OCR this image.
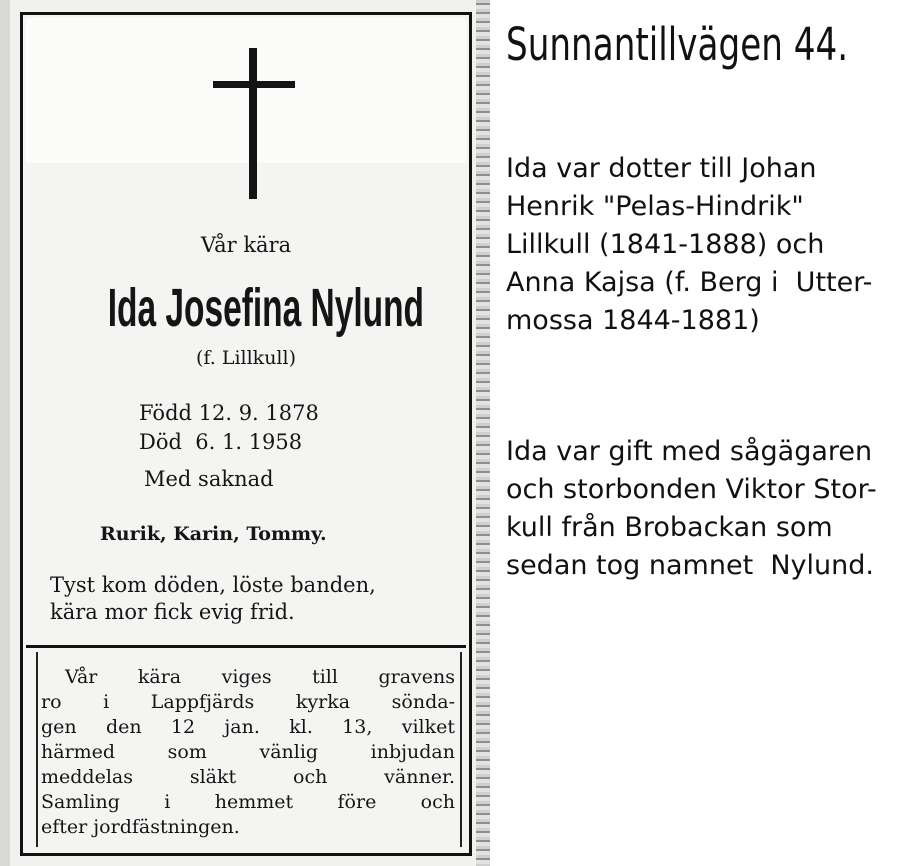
Vår kära
Ida Josefina Nylund
(f. Lillkull)
Född 12. 9. 1878
Död  6. 1. 1958
Med saknad
Rurik, Karin, Tommy.
Tyst kom döden, löste banden,
kära mor fick evig frid.
Vår kära viges till gravens
ro i Lappfjärds kyrka sönda-
gen den 12 jan. kl. 13, vilket
härmed som vänlig inbjudan
meddelas släkt och vänner.
Samling i hemmet före och
efter jordfästningen.
Sunnantillvägen 44.
Ida var dotter till Johan
Henrik "Pelas-Hindrik"
Lillkull (1841-1888) och
Anna Kajsa (f. Berg i  Utter-
mossa 1844-1881)
Ida var gift med sågägaren
och storbonden Viktor Stor-
kull från Brobackan som
sedan tog namnet  Nylund.
